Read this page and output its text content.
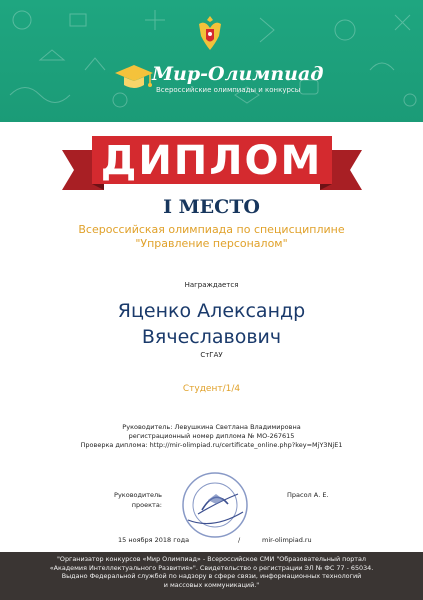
Мир-Олимпиад
Всероссийские олимпиады и конкурсы
ДИПЛОМ
I МЕСТО
Всероссийская олимпиада по специсциплине
"Управление персоналом"
Награждается
Яценко Александр
Вячеславович
СтГАУ
Студент/1/4
Руководитель: Левушкина Светлана Владимировна
регистрационный номер диплома № МО-267615
Проверка диплома: http://mir-olimpiad.ru/certificate_online.php?key=MjY3NjE1
Руководитель
проекта:
Прасол А. Е.
15 ноября 2018 года	/	mir-olimpiad.ru
"Организатор конкурсов «Мир Олимпиад» - Всероссийское СМИ "Образовательный портал
«Академия Интеллектуального Развития»". Свидетельство о регистрации ЭЛ № ФС 77 - 65034.
Выдано Федеральной службой по надзору в сфере связи, информационных технологий
и массовых коммуникаций."
